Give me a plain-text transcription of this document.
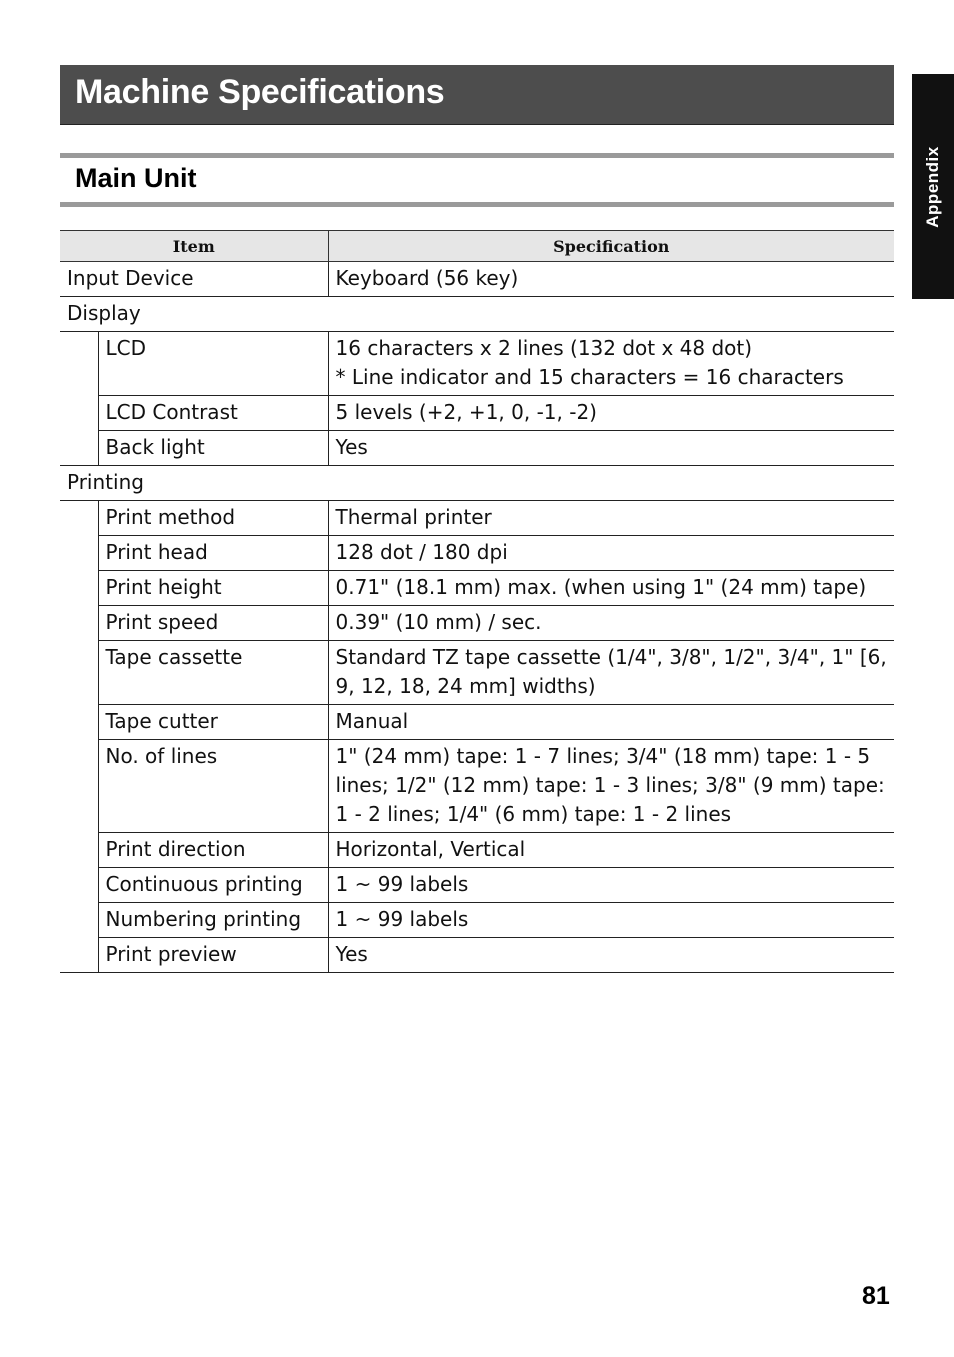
Machine Specifications
Main Unit	Appendix
Item		Specification
Input Device		Keyboard (56 key)
Display		
	LCD	16 characters x 2 lines (132 dot x 48 dot)
* Line indicator and 15 characters = 16 characters
	LCD Contrast	5 levels (+2, +1, 0, -1, -2)
	Back light	Yes
Printing		
	Print method	Thermal printer
	Print head	128 dot / 180 dpi
	Print height	0.71" (18.1 mm) max. (when using 1" (24 mm) tape)
	Print speed	0.39" (10 mm) / sec.
	Tape cassette	Standard TZ tape cassette (1/4", 3/8", 1/2", 3/4", 1" [6, 9, 12, 18, 24 mm] widths)
	Tape cutter	Manual
	No. of lines	1" (24 mm) tape: 1 - 7 lines; 3/4" (18 mm) tape: 1 - 5 lines; 1/2" (12 mm) tape: 1 - 3 lines; 3/8" (9 mm) tape: 1 - 2 lines; 1/4" (6 mm) tape: 1 - 2 lines
	Print direction	Horizontal, Vertical
	Continuous printing	1 ~ 99 labels
	Numbering printing	1 ~ 99 labels
	Print preview	Yes
81
